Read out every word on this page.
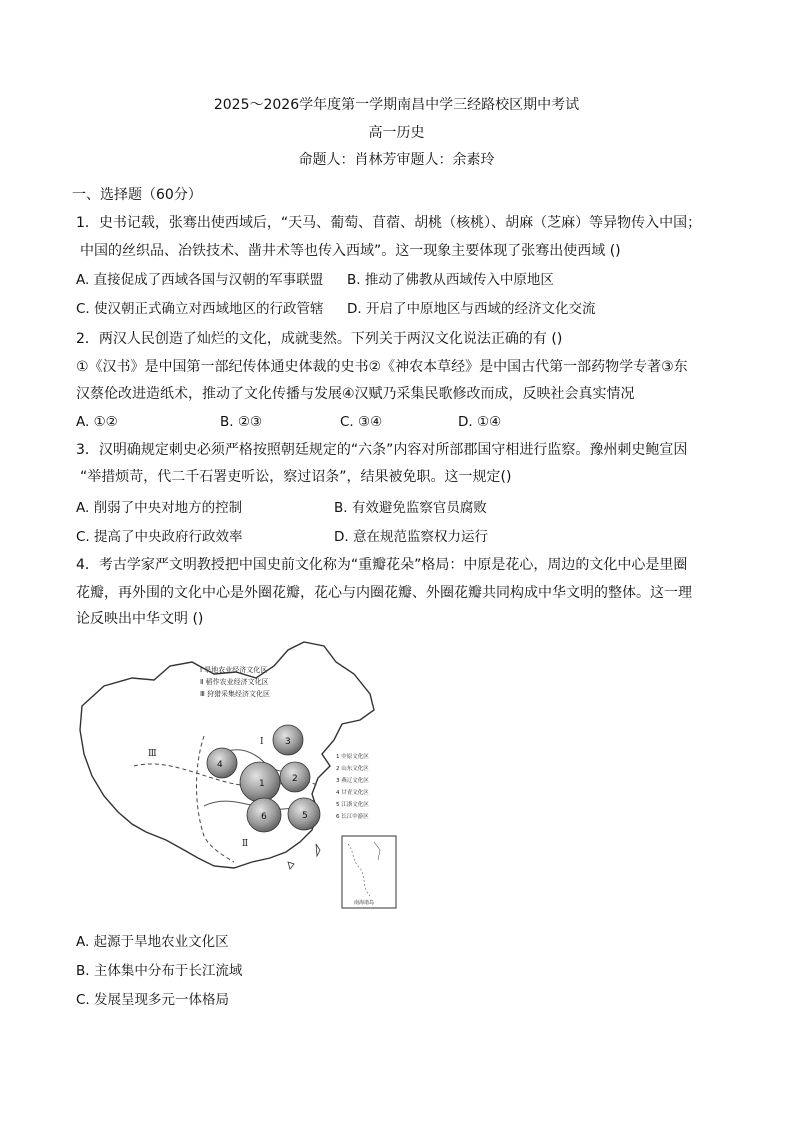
2025～2026学年度第一学期南昌中学三经路校区期中考试
高一历史
命题人：肖林芳审题人：余素玲
一、选择题（60分）
1．史书记载，张骞出使西域后，“天马、葡萄、苜蓿、胡桃（核桃）、胡麻（芝麻）等异物传入中国；
中国的丝织品、冶铁技术、凿井术等也传入西域”。这一现象主要体现了张骞出使西域 ()
A. 直接促成了西域各国与汉朝的军事联盟 B. 推动了佛教从西域传入中原地区
C. 使汉朝正式确立对西域地区的行政管辖 D. 开启了中原地区与西域的经济文化交流
2．两汉人民创造了灿烂的文化，成就斐然。下列关于两汉文化说法正确的有 ()
①《汉书》是中国第一部纪传体通史体裁的史书②《神农本草经》是中国古代第一部药物学专著③东
汉蔡伦改进造纸术，推动了文化传播与发展④汉赋乃采集民歌修改而成，反映社会真实情况
A. ①②	B. ②③	C. ③④	D. ①④
3．汉明确规定刺史必须严格按照朝廷规定的“六条”内容对所部郡国守相进行监察。豫州刺史鲍宣因
“举措烦苛，代二千石署吏听讼，察过诏条”，结果被免职。这一规定()
A. 削弱了中央对地方的控制	B. 有效避免监察官员腐败
C. 提高了中央政府行政效率	D. 意在规范监察权力运行
4．考古学家严文明教授把中国史前文化称为“重瓣花朵”格局：中原是花心，周边的文化中心是里圈
花瓣，再外围的文化中心是外圈花瓣，花心与内圈花瓣、外圈花瓣共同构成中华文明的整体。这一理
论反映出中华文明 ()
1	2
3
4
5
6
Ⅰ
Ⅱ
Ⅲ
Ⅰ 旱地农业经济文化区
Ⅱ 稻作农业经济文化区
Ⅲ 狩猎采集经济文化区
1 中原文化区
2 山东文化区
3 燕辽文化区
4 甘青文化区
5 江浙文化区
6 长江中游区
南海诸岛
A. 起源于旱地农业文化区
B. 主体集中分布于长江流域
C. 发展呈现多元一体格局
